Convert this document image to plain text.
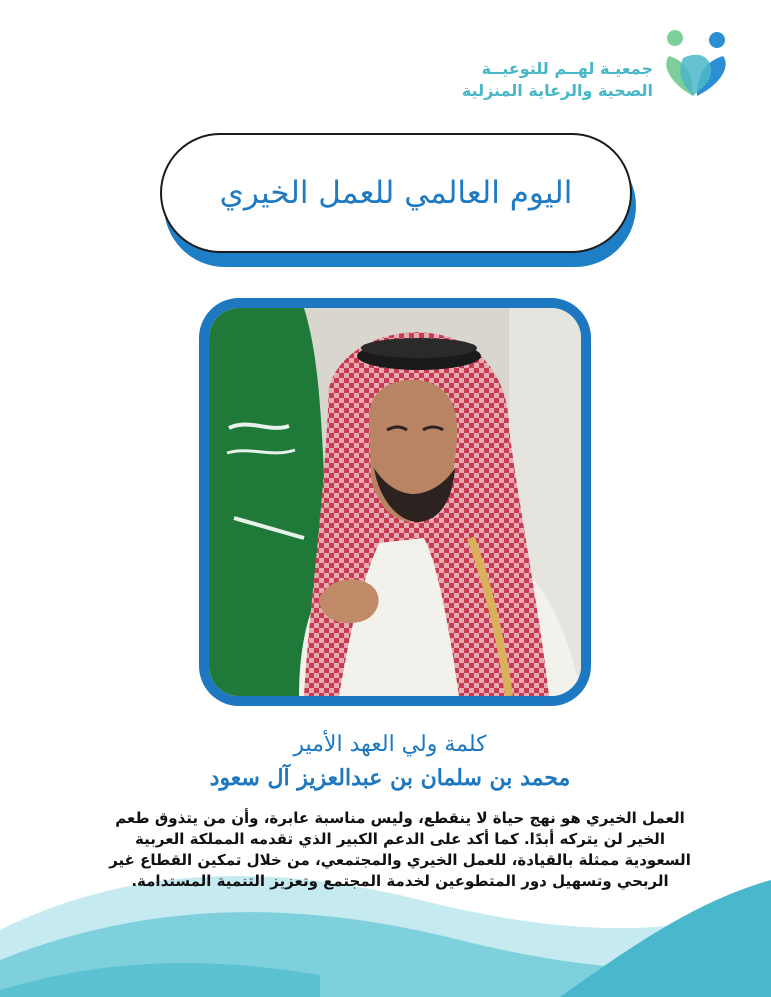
جمعيـة لهــم للتوعيــة
الصحية والرعاية المنزلية
اليوم العالمي للعمل الخيري
كلمة ولي العهد الأمير
محمد بن سلمان بن عبدالعزيز آل سعود
العمل الخيري هو نهج حياة لا ينقطع، وليس مناسبة عابرة، وأن من يتذوق طعم الخير لن يتركه أبدًا. كما أكد على الدعم الكبير الذي تقدمه المملكة العربية السعودية ممثلة بالقيادة، للعمل الخيري والمجتمعي، من خلال تمكين القطاع غير الربحي وتسهيل دور المتطوعين لخدمة المجتمع وتعزيز التنمية المستدامة.
